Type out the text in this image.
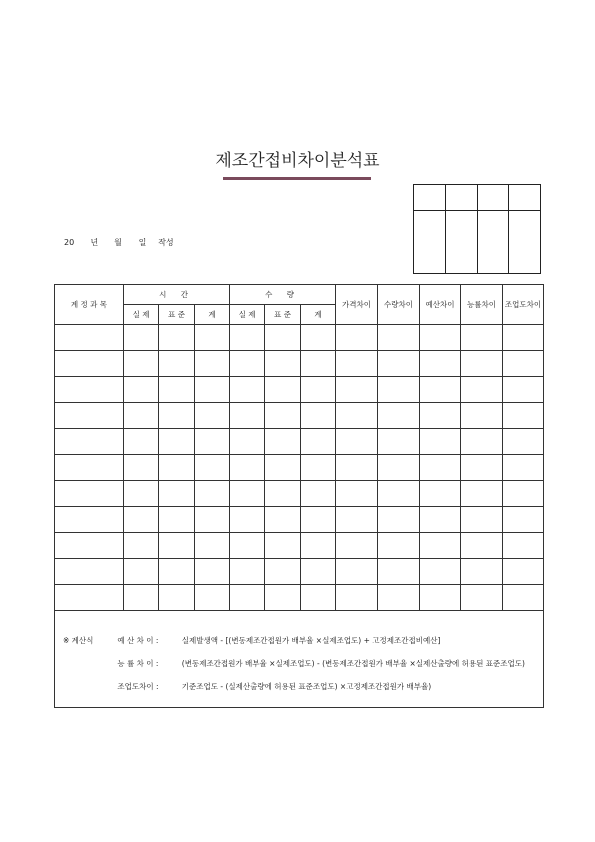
제조간접비차이분석표

20 년 월 일 작성
계 정 과 목	시 간			수 량			가격차이	수량차이	예산차이	능률차이	조업도차이
	실 제	표 준	계	실 제	표 준	계					

※ 계산식 예 산 차 이 : 실제발생액 - [(변동제조간접원가 배부율 ×실제조업도) + 고정제조간접비예산]
능 률 차 이 : (변동제조간접원가 배부율 ×실제조업도) - (변동제조간접원가 배부율 ×실제산출량에 허용된 표준조업도)
조업도차이 : 기준조업도 - (실제산출량에 허용된 표준조업도) ×고정제조간접원가 배부율)											
